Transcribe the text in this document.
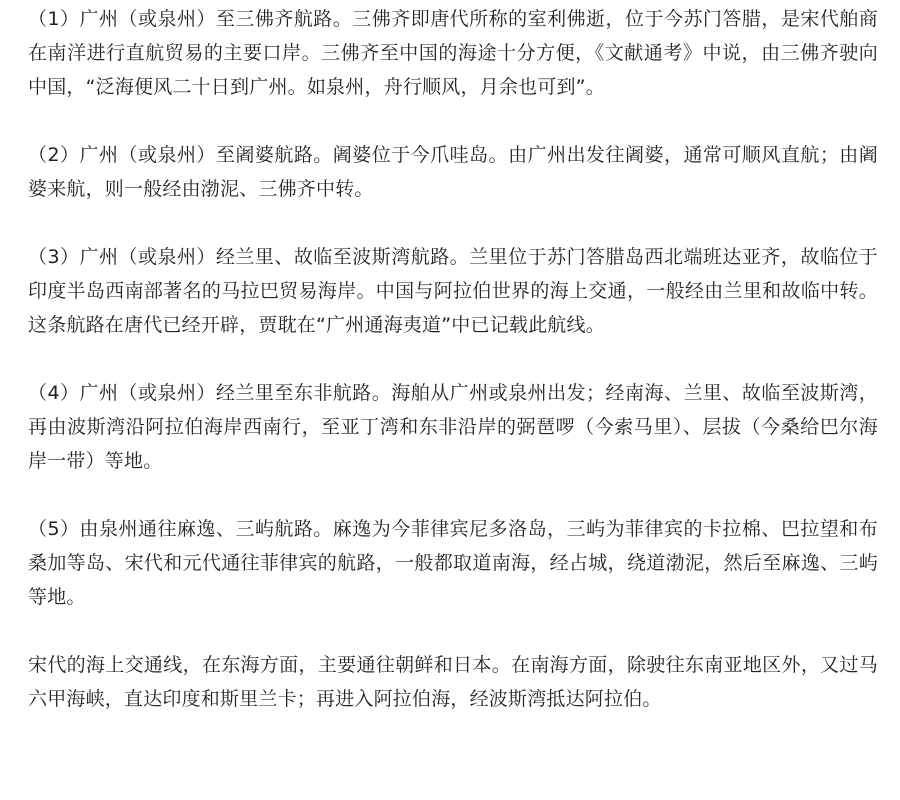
（1）广州（或泉州）至三佛齐航路。三佛齐即唐代所称的室利佛逝，位于今苏门答腊，是宋代舶商在南洋进行直航贸易的主要口岸。三佛齐至中国的海途十分方便，《文献通考》中说，由三佛齐驶向中国，“泛海便风二十日到广州。如泉州，舟行顺风，月余也可到”。

（2）广州（或泉州）至阇婆航路。阇婆位于今爪哇岛。由广州出发往阇婆，通常可顺风直航；由阇婆来航，则一般经由渤泥、三佛齐中转。

（3）广州（或泉州）经兰里、故临至波斯湾航路。兰里位于苏门答腊岛西北端班达亚齐，故临位于印度半岛西南部著名的马拉巴贸易海岸。中国与阿拉伯世界的海上交通，一般经由兰里和故临中转。这条航路在唐代已经开辟，贾耽在“广州通海夷道”中已记载此航线。

（4）广州（或泉州）经兰里至东非航路。海舶从广州或泉州出发；经南海、兰里、故临至波斯湾，再由波斯湾沿阿拉伯海岸西南行，至亚丁湾和东非沿岸的弼琶啰（今索马里）、层拔（今桑给巴尔海岸一带）等地。

（5）由泉州通往麻逸、三屿航路。麻逸为今菲律宾尼多洛岛，三屿为菲律宾的卡拉棉、巴拉望和布桑加等岛、宋代和元代通往菲律宾的航路，一般都取道南海，经占城，绕道渤泥，然后至麻逸、三屿等地。

宋代的海上交通线，在东海方面，主要通往朝鲜和日本。在南海方面，除驶往东南亚地区外，又过马六甲海峡，直达印度和斯里兰卡；再进入阿拉伯海，经波斯湾抵达阿拉伯。
